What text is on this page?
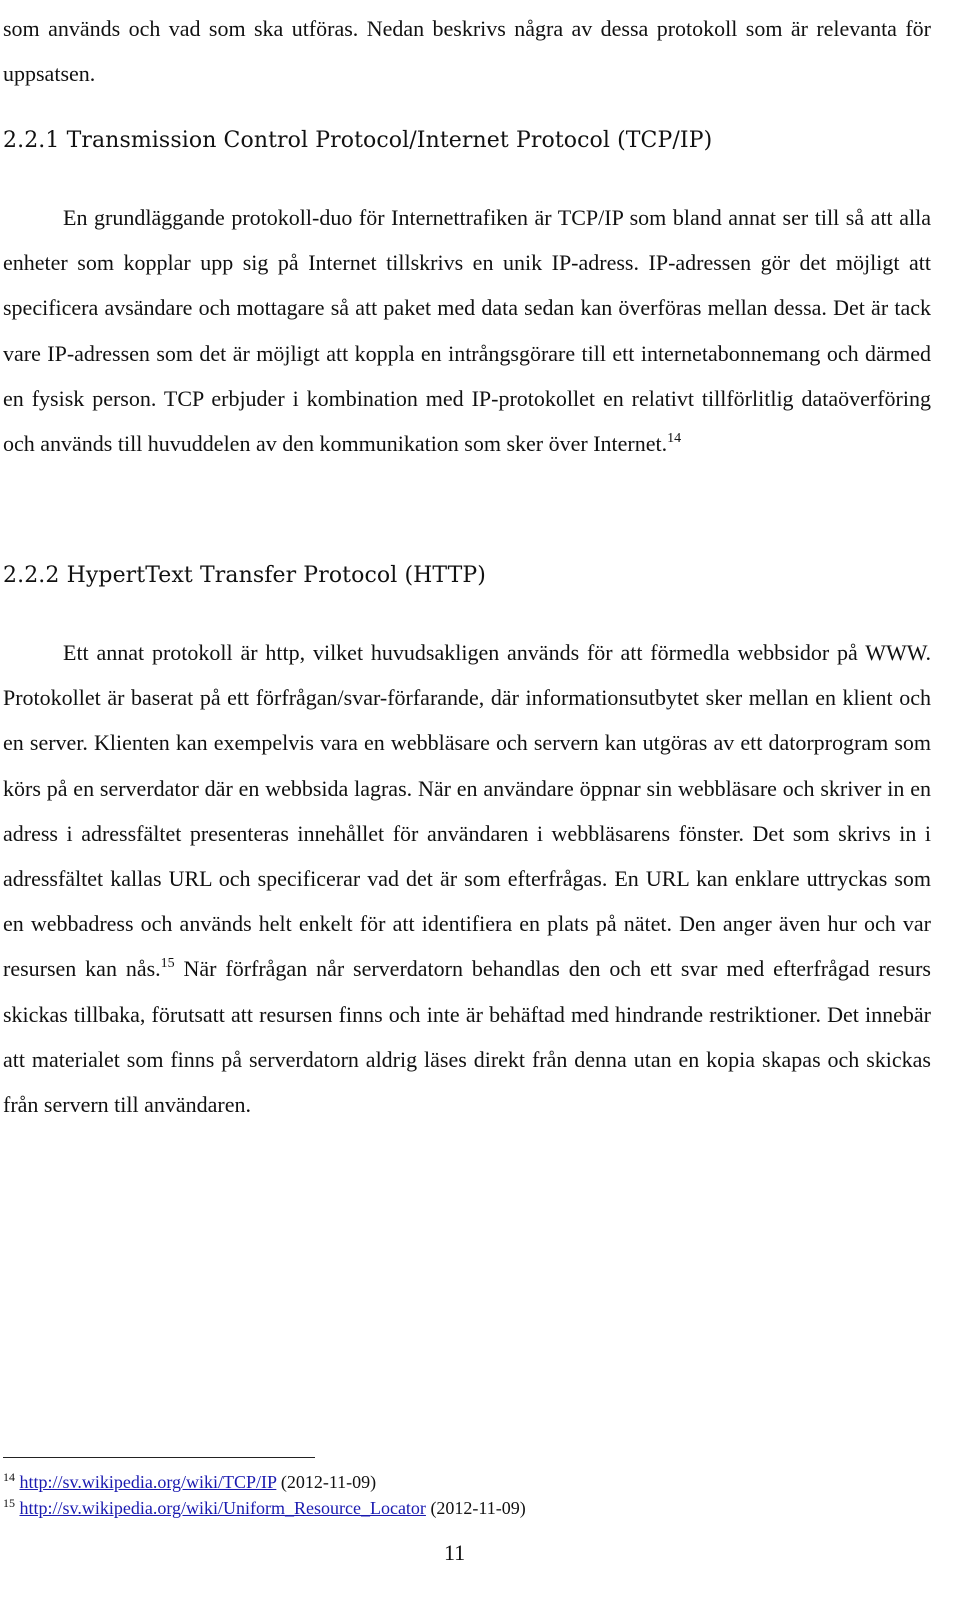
som används och vad som ska utföras. Nedan beskrivs några av dessa protokoll som är relevanta för uppsatsen.

2.2.1 Transmission Control Protocol/Internet Protocol (TCP/IP)

En grundläggande protokoll-duo för Internettrafiken är TCP/IP som bland annat ser till så att alla enheter som kopplar upp sig på Internet tillskrivs en unik IP-adress. IP-adressen gör det möjligt att specificera avsändare och mottagare så att paket med data sedan kan överföras mellan dessa. Det är tack vare IP-adressen som det är möjligt att koppla en intrångsgörare till ett internetabonnemang och därmed en fysisk person. TCP erbjuder i kombination med IP-protokollet en relativt tillförlitlig dataöverföring och används till huvuddelen av den kommunikation som sker över Internet.$^{14}$

2.2.2 HypertText Transfer Protocol (HTTP)

Ett annat protokoll är http, vilket huvudsakligen används för att förmedla webbsidor på WWW. Protokollet är baserat på ett förfrågan/svar-förfarande, där informationsutbytet sker mellan en klient och en server. Klienten kan exempelvis vara en webbläsare och servern kan utgöras av ett datorprogram som körs på en serverdator där en webbsida lagras. När en användare öppnar sin webbläsare och skriver in en adress i adressfältet presenteras innehållet för användaren i webbläsarens fönster. Det som skrivs in i adressfältet kallas URL och specificerar vad det är som efterfrågas. En URL kan enklare uttryckas som en webbadress och används helt enkelt för att identifiera en plats på nätet. Den anger även hur och var resursen kan nås.$^{15}$ När förfrågan når serverdatorn behandlas den och ett svar med efterfrågad resurs skickas tillbaka, förutsatt att resursen finns och inte är behäftad med hindrande restriktioner. Det innebär att materialet som finns på serverdatorn aldrig läses direkt från denna utan en kopia skapas och skickas från servern till användaren.

$^{14}$ http://sv.wikipedia.org/wiki/TCP/IP (2012-11-09)

$^{15}$ http://sv.wikipedia.org/wiki/Uniform_Resource_Locator (2012-11-09)

11
